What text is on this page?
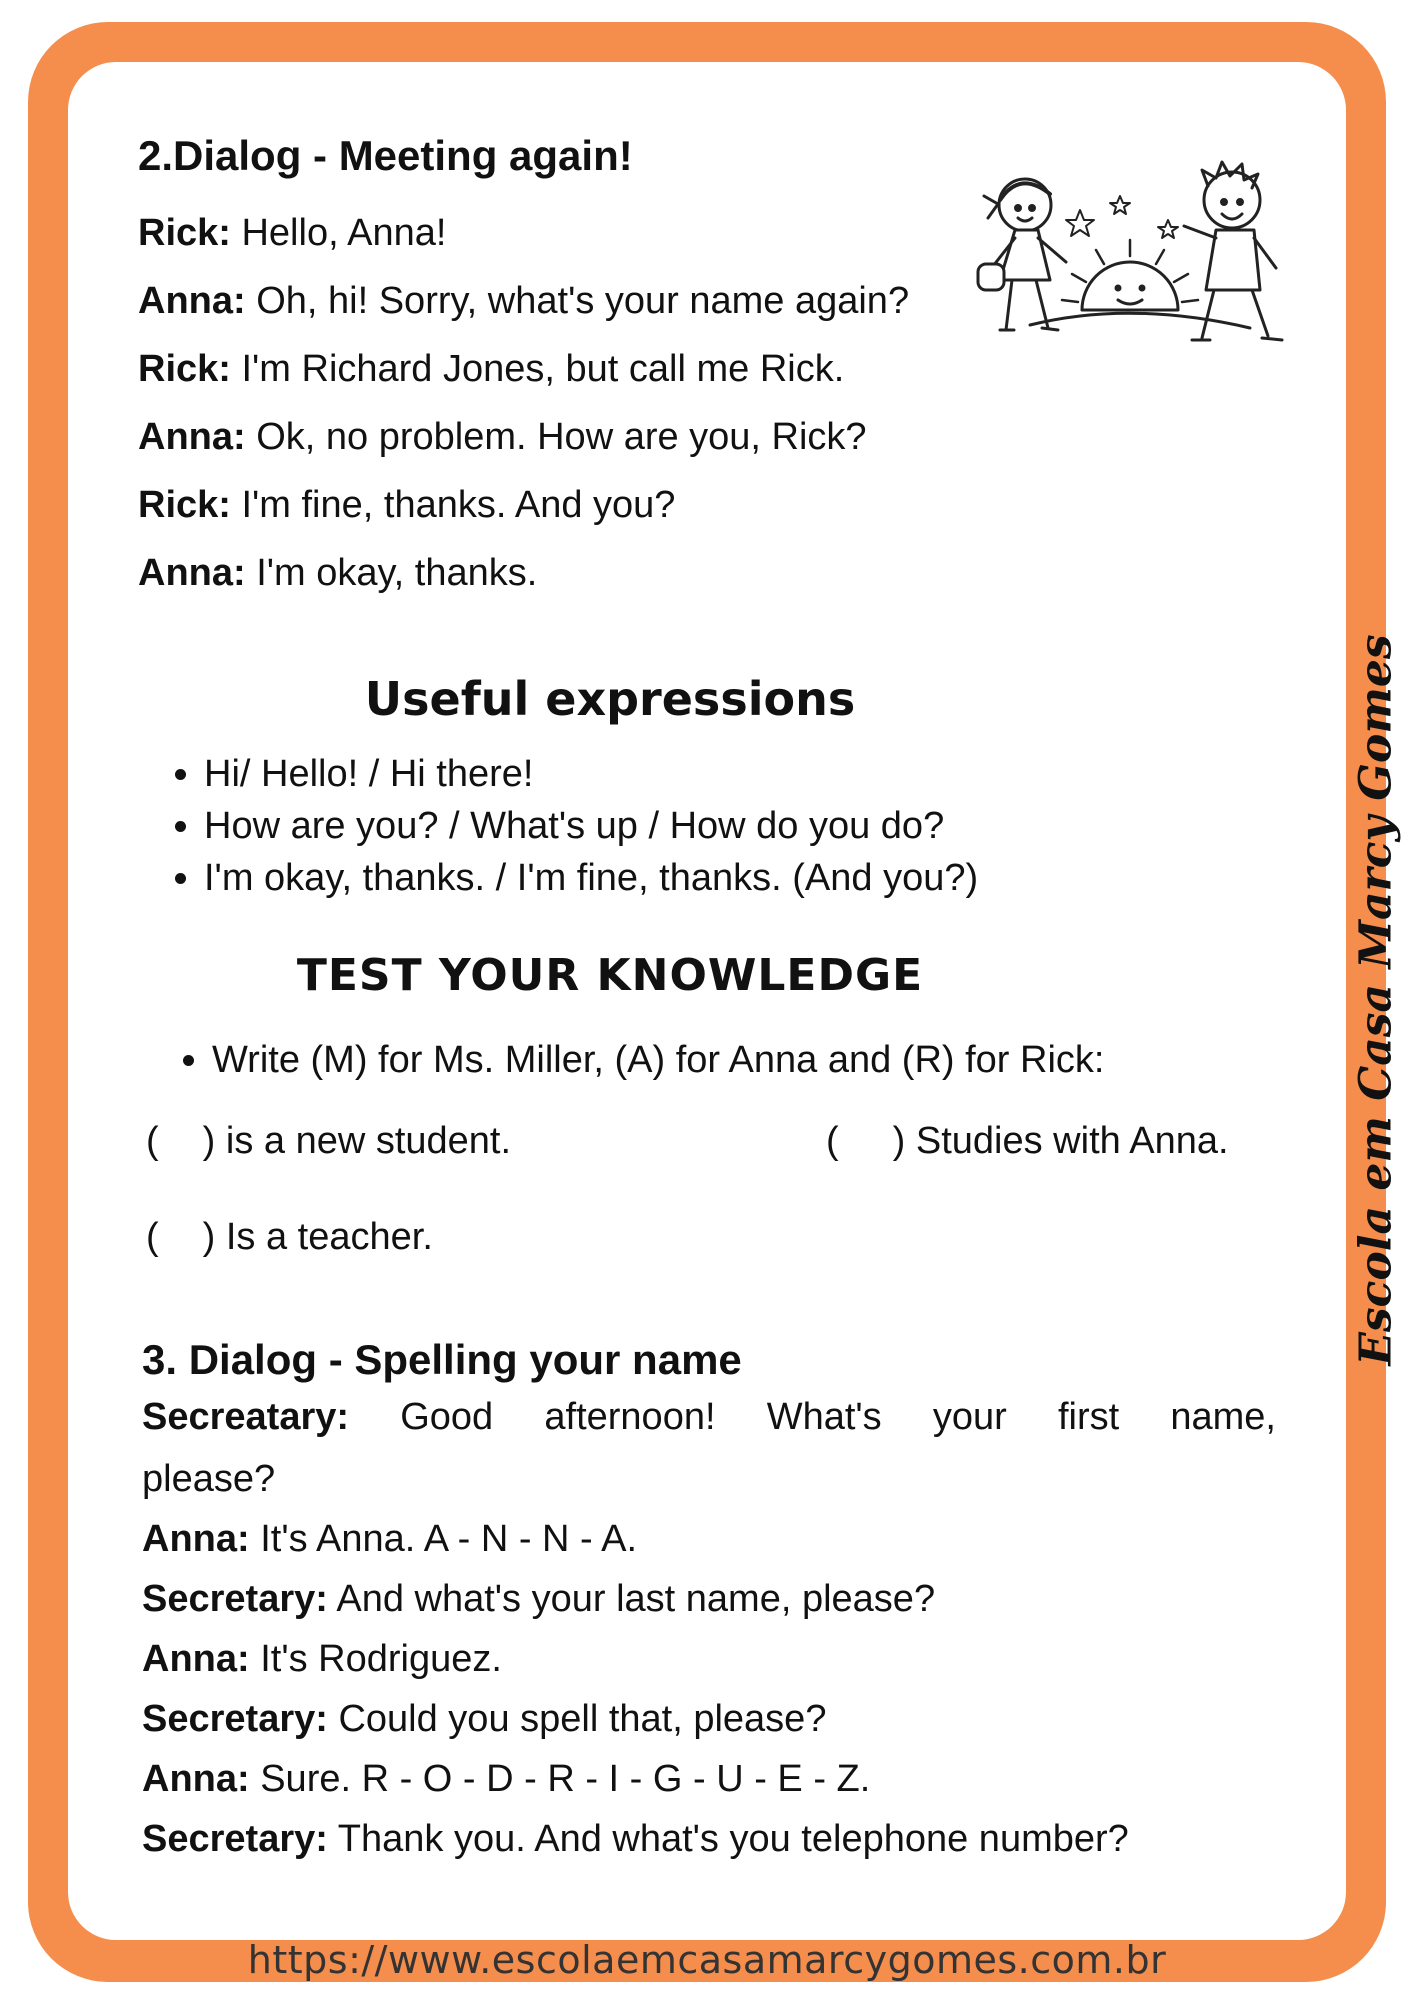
2.Dialog - Meeting again!
Rick: Hello, Anna!
Anna: Oh, hi! Sorry, what's your name again?
Rick: I'm Richard Jones, but call me Rick.
Anna: Ok, no problem. How are you, Rick?
Rick: I'm fine, thanks. And you?
Anna: I'm okay, thanks.
Useful expressions
• Hi/ Hello! / Hi there!
• How are you? / What's up / How do you do?
• I'm okay, thanks. / I'm fine, thanks. (And you?)
TEST YOUR KNOWLEDGE
• Write (M) for Ms. Miller, (A) for Anna and (R) for Rick:
( ) is a new student.	( ) Studies with Anna.
( ) Is a teacher.
3. Dialog - Spelling your name
Secreatary: Good afternoon! What's your first name,
please?
Anna: It's Anna. A - N - N - A.
Secretary: And what's your last name, please?
Anna: It's Rodriguez.
Secretary: Could you spell that, please?
Anna: Sure. R - O - D - R - I - G - U - E - Z.
Secretary: Thank you. And what's you telephone number?
Escola em Casa Marcy Gomes
https://www.escolaemcasamarcygomes.com.br
